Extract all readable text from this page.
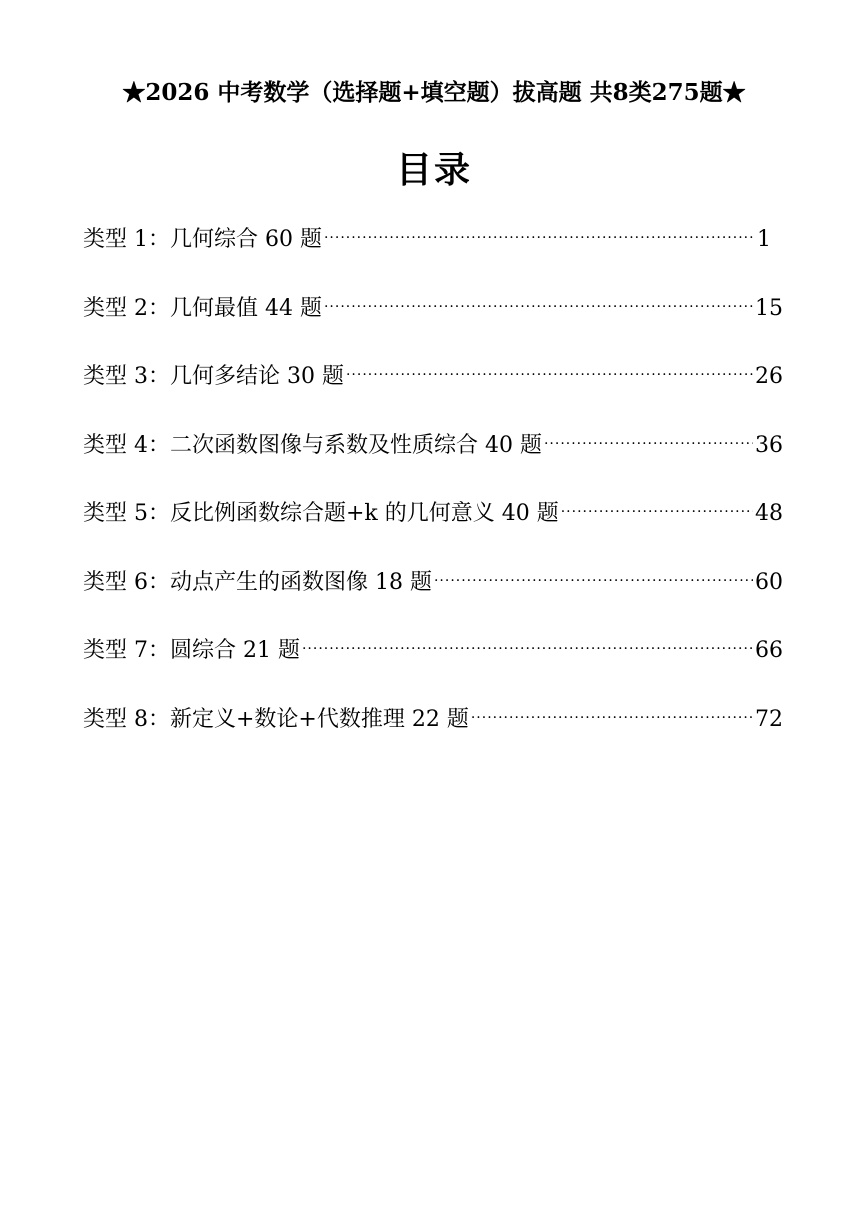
★2026 中考数学（选择题+填空题）拔高题 共8类275题★
目录
类型 1：几何综合 60 题 ·····	1
类型 2：几何最值 44 题 ·····	15
类型 3：几何多结论 30 题 ·····	26
类型 4：二次函数图像与系数及性质综合 40 题 ·····	36
类型 5：反比例函数综合题+k 的几何意义 40 题 ·····	48
类型 6：动点产生的函数图像 18 题 ·····	60
类型 7：圆综合 21 题 ·····	66
类型 8：新定义+数论+代数推理 22 题 ·····	72
